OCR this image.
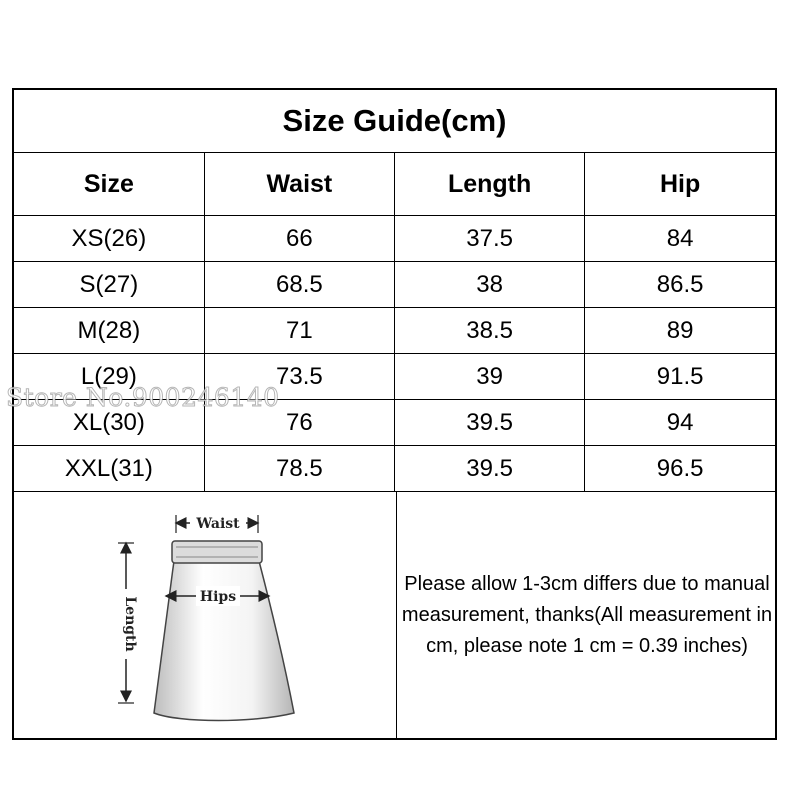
Size Guide(cm)
Size	Waist	Length	Hip
XS(26)	66	37.5	84
S(27)	68.5	38	86.5
M(28)	71	38.5	89
L(29)	73.5	39	91.5
XL(30)	76	39.5	94
XXL(31)	78.5	39.5	96.5
Waist
Hips
Length
Please allow 1-3cm differs due to manual measurement, thanks(All measurement in cm, please note 1 cm = 0.39 inches)
Store No.900246140
